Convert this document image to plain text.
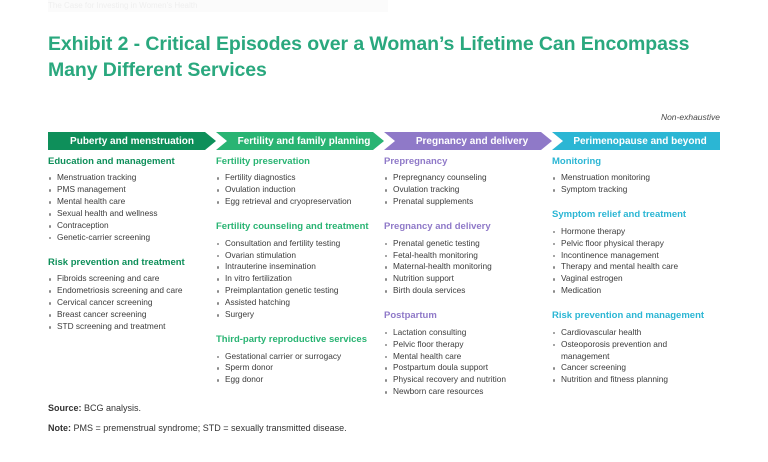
The Case for Investing in Women's Health
Exhibit 2 - Critical Episodes over a Woman’s Lifetime Can Encompass Many Different Services
Non-exhaustive
Puberty and menstruation	Fertility and family planning	Pregnancy and delivery	Perimenopause and beyond
Education and management
Menstruation tracking
PMS management
Mental health care
Sexual health and wellness
Contraception
Genetic-carrier screening
Risk prevention and treatment
Fibroids screening and care
Endometriosis screening and care
Cervical cancer screening
Breast cancer screening
STD screening and treatment
Fertility preservation
Fertility diagnostics
Ovulation induction
Egg retrieval and cryopreservation
Fertility counseling and treatment
Consultation and fertility testing
Ovarian stimulation
Intrauterine insemination
In vitro fertilization
Preimplantation genetic testing
Assisted hatching
Surgery
Third-party reproductive services
Gestational carrier or surrogacy
Sperm donor
Egg donor
Prepregnancy
Prepregnancy counseling
Ovulation tracking
Prenatal supplements
Pregnancy and delivery
Prenatal genetic testing
Fetal-health monitoring
Maternal-health monitoring
Nutrition support
Birth doula services
Postpartum
Lactation consulting
Pelvic floor therapy
Mental health care
Postpartum doula support
Physical recovery and nutrition
Newborn care resources
Monitoring
Menstruation monitoring
Symptom tracking
Symptom relief and treatment
Hormone therapy
Pelvic floor physical therapy
Incontinence management
Therapy and mental health care
Vaginal estrogen
Medication
Risk prevention and management
Cardiovascular health
Osteoporosis prevention and management
Cancer screening
Nutrition and fitness planning
Source: BCG analysis.
Note: PMS = premenstrual syndrome; STD = sexually transmitted disease.
